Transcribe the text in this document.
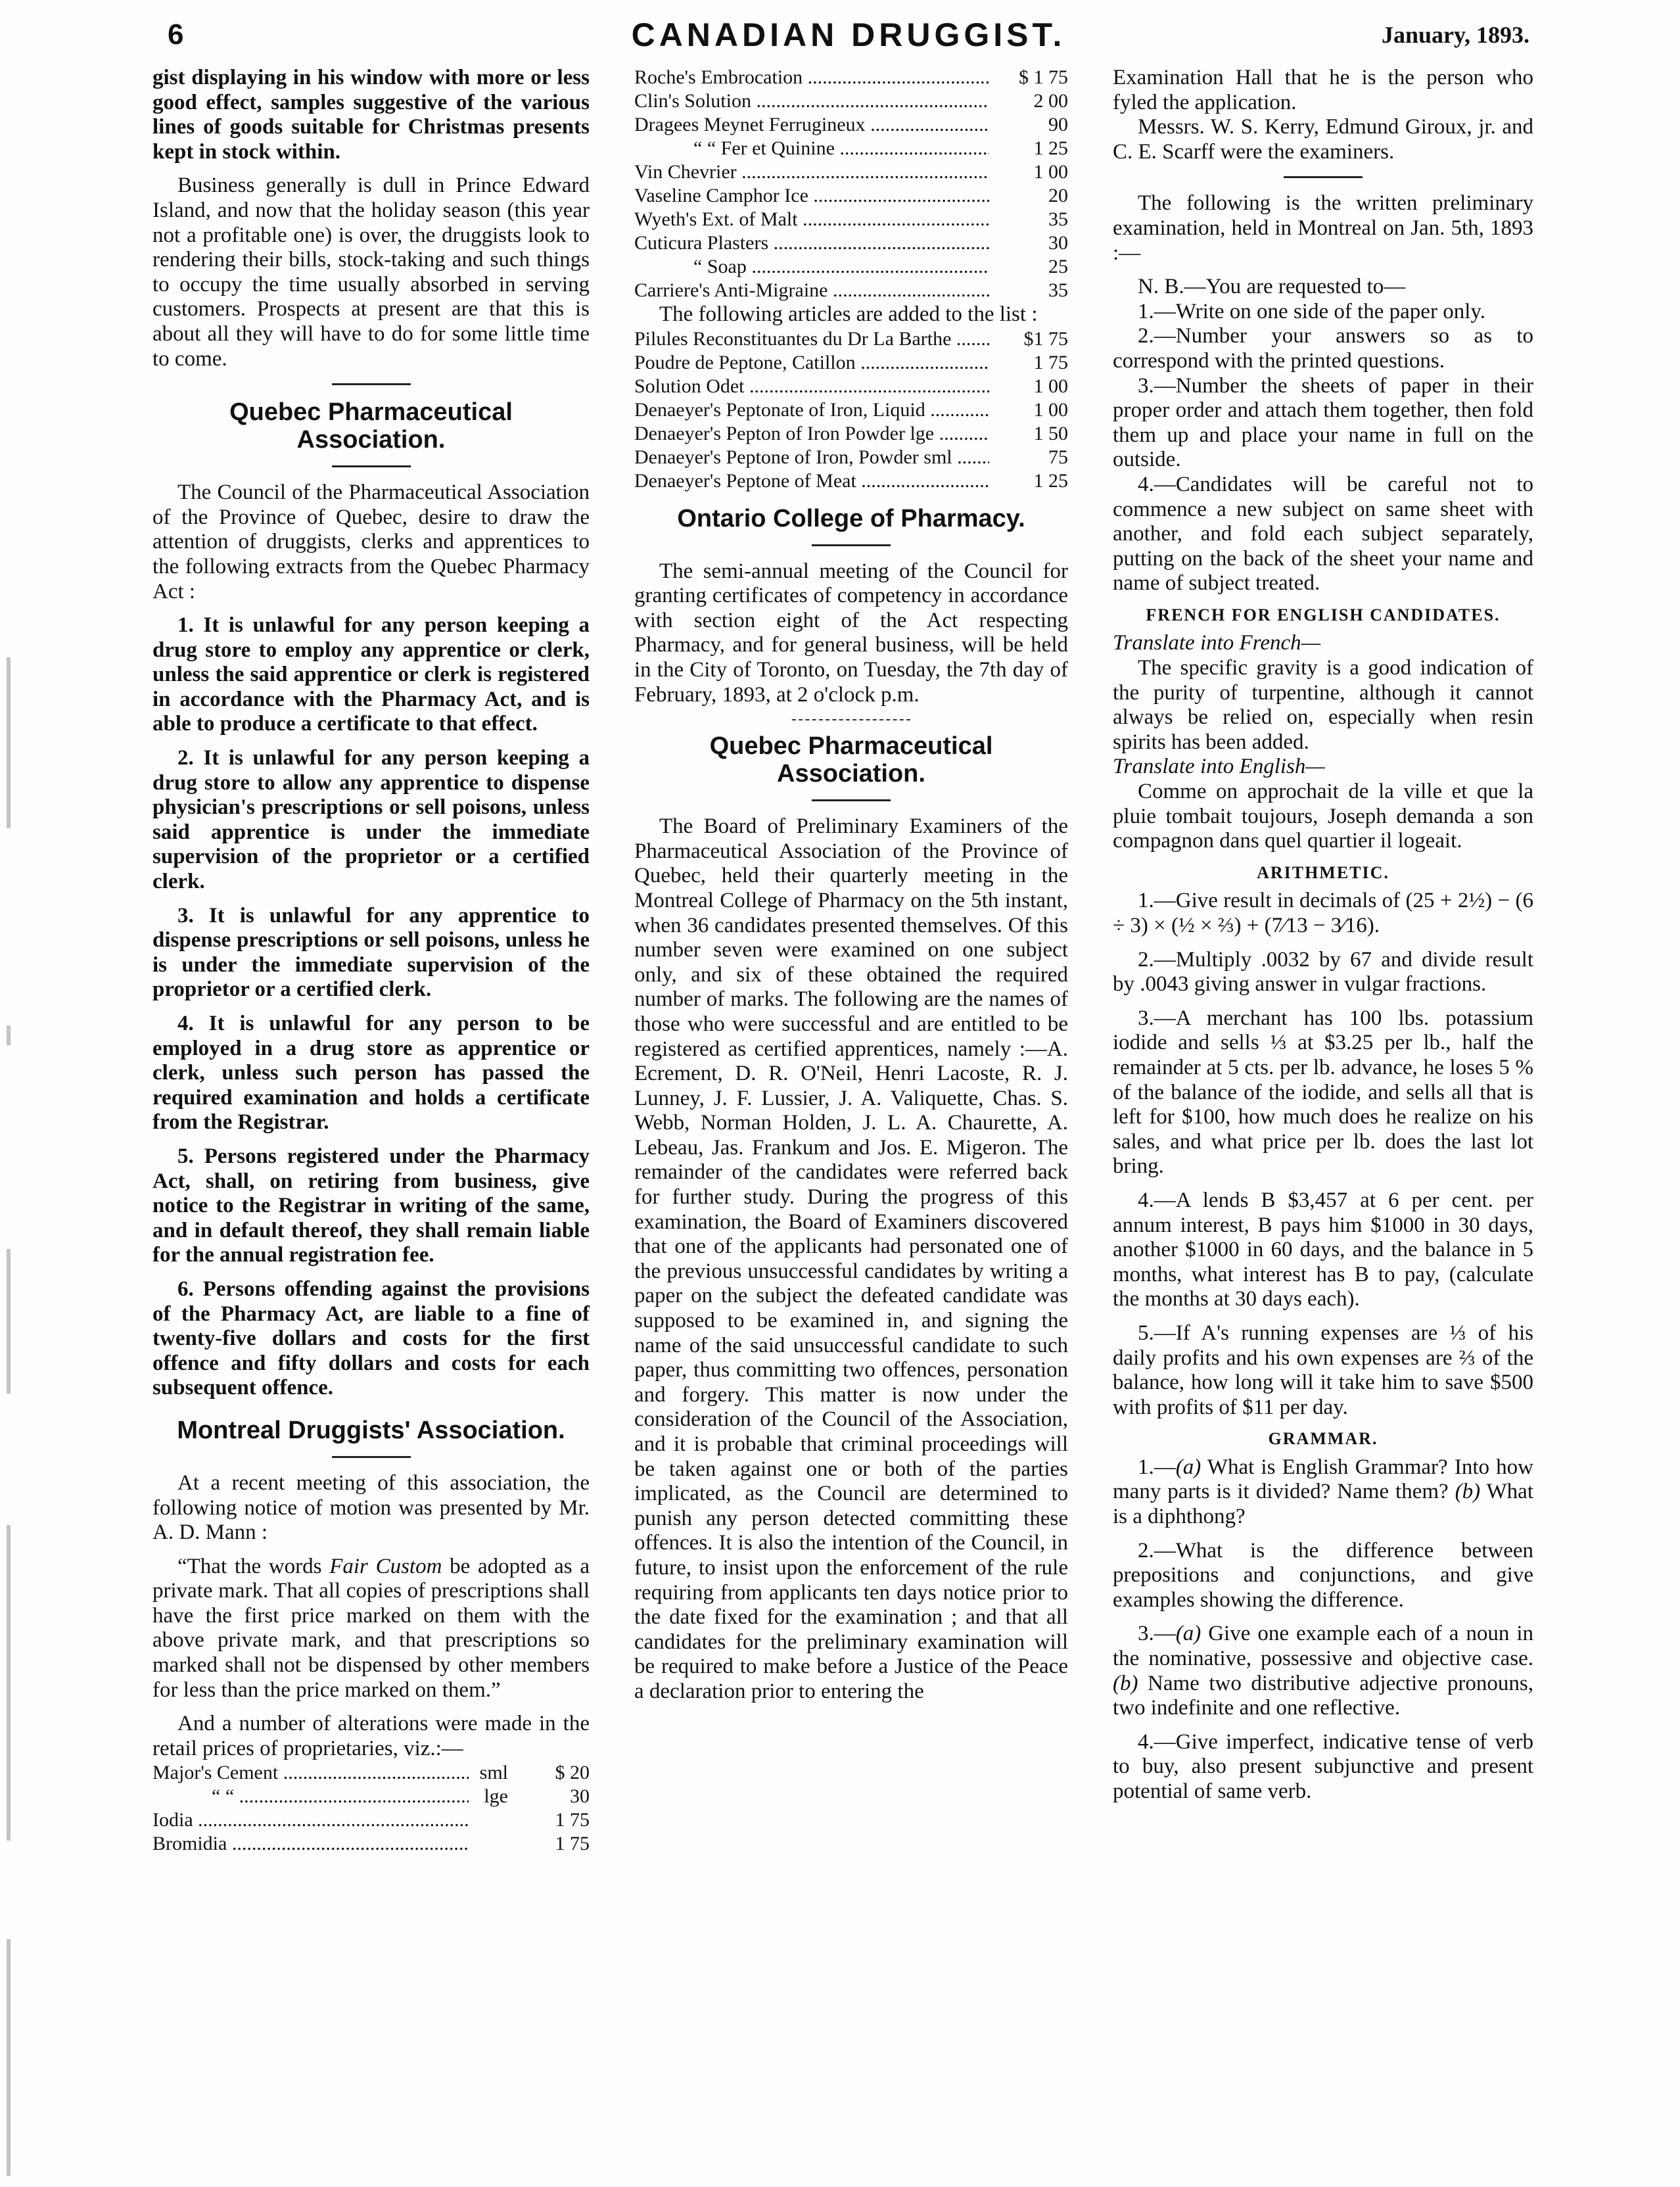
6	CANADIAN DRUGGIST.	January, 1893.

gist displaying in his window with more or less good effect, samples suggestive of the various lines of goods suitable for Christmas presents kept in stock within.

Business generally is dull in Prince Edward Island, and now that the holiday season (this year not a profitable one) is over, the druggists look to rendering their bills, stock-taking and such things to occupy the time usually absorbed in serving customers. Prospects at present are that this is about all they will have to do for some little time to come.

Quebec Pharmaceutical Association.

The Council of the Pharmaceutical Association of the Province of Quebec, desire to draw the attention of druggists, clerks and apprentices to the following extracts from the Quebec Pharmacy Act :

1. It is unlawful for any person keeping a drug store to employ any apprentice or clerk, unless the said apprentice or clerk is registered in accordance with the Pharmacy Act, and is able to produce a certificate to that effect.

2. It is unlawful for any person keeping a drug store to allow any apprentice to dispense physician's prescriptions or sell poisons, unless said apprentice is under the immediate supervision of the proprietor or a certified clerk.

3. It is unlawful for any apprentice to dispense prescriptions or sell poisons, unless he is under the immediate supervision of the proprietor or a certified clerk.

4. It is unlawful for any person to be employed in a drug store as apprentice or clerk, unless such person has passed the required examination and holds a certificate from the Registrar.

5. Persons registered under the Pharmacy Act, shall, on retiring from business, give notice to the Registrar in writing of the same, and in default thereof, they shall remain liable for the annual registration fee.

6. Persons offending against the provisions of the Pharmacy Act, are liable to a fine of twenty-five dollars and costs for the first offence and fifty dollars and costs for each subsequent offence.

Montreal Druggists' Association.

At a recent meeting of this association, the following notice of motion was presented by Mr. A. D. Mann :

“That the words Fair Custom be adopted as a private mark. That all copies of prescriptions shall have the first price marked on them with the above private mark, and that prescriptions so marked shall not be dispensed by other members for less than the price marked on them.”

And a number of alterations were made in the retail prices of proprietaries, viz.:—

Major's Cement .....	sml	$ 20
“ “ .....	lge	30
Iodia .....	1 75
Bromidia .....	1 75
Roche's Embrocation .....	$ 1 75
Clin's Solution .....	2 00
Dragees Meynet Ferrugineux .....	90
“ “ Fer et Quinine .....	1 25
Vin Chevrier .....	1 00
Vaseline Camphor Ice .....	20
Wyeth's Ext. of Malt .....	35
Cuticura Plasters .....	30
“ Soap .....	25
Carriere's Anti-Migraine .....	35

The following articles are added to the list :

Pilules Reconstituantes du Dr La Barthe .....	$1 75
Poudre de Peptone, Catillon .....	1 75
Solution Odet .....	1 00
Denaeyer's Peptonate of Iron, Liquid .....	1 00
Denaeyer's Pepton of Iron Powder lge .....	1 50
Denaeyer's Peptone of Iron, Powder sml .....	75
Denaeyer's Peptone of Meat .....	1 25
Ontario College of Pharmacy.

The semi-annual meeting of the Council for granting certificates of competency in accordance with section eight of the Act respecting Pharmacy, and for general business, will be held in the City of Toronto, on Tuesday, the 7th day of February, 1893, at 2 o'clock p.m.

Quebec Pharmaceutical Association.

The Board of Preliminary Examiners of the Pharmaceutical Association of the Province of Quebec, held their quarterly meeting in the Montreal College of Pharmacy on the 5th instant, when 36 candidates presented themselves. Of this number seven were examined on one subject only, and six of these obtained the required number of marks. The following are the names of those who were successful and are entitled to be registered as certified apprentices, namely :—A. Ecrement, D. R. O'Neil, Henri Lacoste, R. J. Lunney, J. F. Lussier, J. A. Valiquette, Chas. S. Webb, Norman Holden, J. L. A. Chaurette, A. Lebeau, Jas. Frankum and Jos. E. Migeron. The remainder of the candidates were referred back for further study. During the progress of this examination, the Board of Examiners discovered that one of the applicants had personated one of the previous unsuccessful candidates by writing a paper on the subject the defeated candidate was supposed to be examined in, and signing the name of the said unsuccessful candidate to such paper, thus committing two offences, personation and forgery. This matter is now under the consideration of the Council of the Association, and it is probable that criminal proceedings will be taken against one or both of the parties implicated, as the Council are determined to punish any person detected committing these offences. It is also the intention of the Council, in future, to insist upon the enforcement of the rule requiring from applicants ten days notice prior to the date fixed for the examination ; and that all candidates for the preliminary examination will be required to make before a Justice of the Peace a declaration prior to entering the

Examination Hall that he is the person who fyled the application.

Messrs. W. S. Kerry, Edmund Giroux, jr. and C. E. Scarff were the examiners.

The following is the written preliminary examination, held in Montreal on Jan. 5th, 1893 :—

N. B.—You are requested to—

1.—Write on one side of the paper only.

2.—Number your answers so as to correspond with the printed questions.

3.—Number the sheets of paper in their proper order and attach them together, then fold them up and place your name in full on the outside.

4.—Candidates will be careful not to commence a new subject on same sheet with another, and fold each subject separately, putting on the back of the sheet your name and name of subject treated.

FRENCH FOR ENGLISH CANDIDATES.

Translate into French—

The specific gravity is a good indication of the purity of turpentine, although it cannot always be relied on, especially when resin spirits has been added.

Translate into English—

Comme on approchait de la ville et que la pluie tombait toujours, Joseph demanda a son compagnon dans quel quartier il logeait.

ARITHMETIC.

1.—Give result in decimals of (25 + 2½) − (6 ÷ 3) × (½ × ⅔) + (7⁄13 − 3⁄16).

2.—Multiply .0032 by 67 and divide result by .0043 giving answer in vulgar fractions.

3.—A merchant has 100 lbs. potassium iodide and sells ⅓ at $3.25 per lb., half the remainder at 5 cts. per lb. advance, he loses 5 % of the balance of the iodide, and sells all that is left for $100, how much does he realize on his sales, and what price per lb. does the last lot bring.

4.—A lends B $3,457 at 6 per cent. per annum interest, B pays him $1000 in 30 days, another $1000 in 60 days, and the balance in 5 months, what interest has B to pay, (calculate the months at 30 days each).

5.—If A's running expenses are ⅓ of his daily profits and his own expenses are ⅔ of the balance, how long will it take him to save $500 with profits of $11 per day.

GRAMMAR.

1.—(a) What is English Grammar? Into how many parts is it divided? Name them? (b) What is a diphthong?

2.—What is the difference between prepositions and conjunctions, and give examples showing the difference.

3.—(a) Give one example each of a noun in the nominative, possessive and objective case. (b) Name two distributive adjective pronouns, two indefinite and one reflective.

4.—Give imperfect, indicative tense of verb to buy, also present subjunctive and present potential of same verb.
